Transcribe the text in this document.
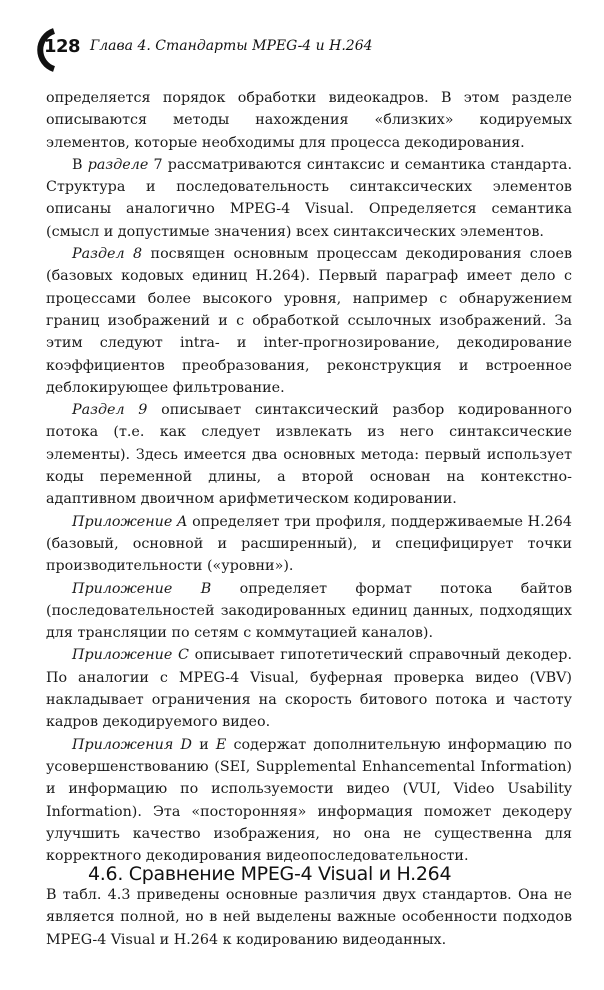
128 Глава 4. Стандарты MPEG-4 и H.264

определяется порядок обработки видеокадров. В этом разделе описываются методы нахождения «близких» кодируемых элементов, которые необходимы для процесса декодирования.

В разделе 7 рассматриваются синтаксис и семантика стандарта. Структура и последовательность синтаксических элементов описаны аналогично MPEG-4 Visual. Определяется семантика (смысл и допустимые значения) всех синтаксических элементов.

Раздел 8 посвящен основным процессам декодирования слоев (базовых кодовых единиц H.264). Первый параграф имеет дело с процессами более высокого уровня, например с обнаружением границ изображений и с обработкой ссылочных изображений. За этим следуют intra- и inter-прогнозирование, декодирование коэффициентов преобразования, реконструкция и встроенное деблокирующее фильтрование.

Раздел 9 описывает синтаксический разбор кодированного потока (т.е. как следует извлекать из него синтаксические элементы). Здесь имеется два основных метода: первый использует коды переменной длины, а второй основан на контекстно-адаптивном двоичном арифметическом кодировании.

Приложение A определяет три профиля, поддерживаемые H.264 (базовый, основной и расширенный), и специфицирует точки производительности («уровни»).

Приложение B определяет формат потока байтов (последовательностей закодированных единиц данных, подходящих для трансляции по сетям с коммутацией каналов).

Приложение C описывает гипотетический справочный декодер. По аналогии с MPEG-4 Visual, буферная проверка видео (VBV) накладывает ограничения на скорость битового потока и частоту кадров декодируемого видео.

Приложения D и E содержат дополнительную информацию по усовершенствованию (SEI, Supplemental Enhancemental Information) и информацию по используемости видео (VUI, Video Usability Information). Эта «посторонняя» информация поможет декодеру улучшить качество изображения, но она не существенна для корректного декодирования видеопоследовательности.

4.6. Сравнение MPEG-4 Visual и H.264

В табл. 4.3 приведены основные различия двух стандартов. Она не является полной, но в ней выделены важные особенности подходов MPEG-4 Visual и H.264 к кодированию видеоданных.
